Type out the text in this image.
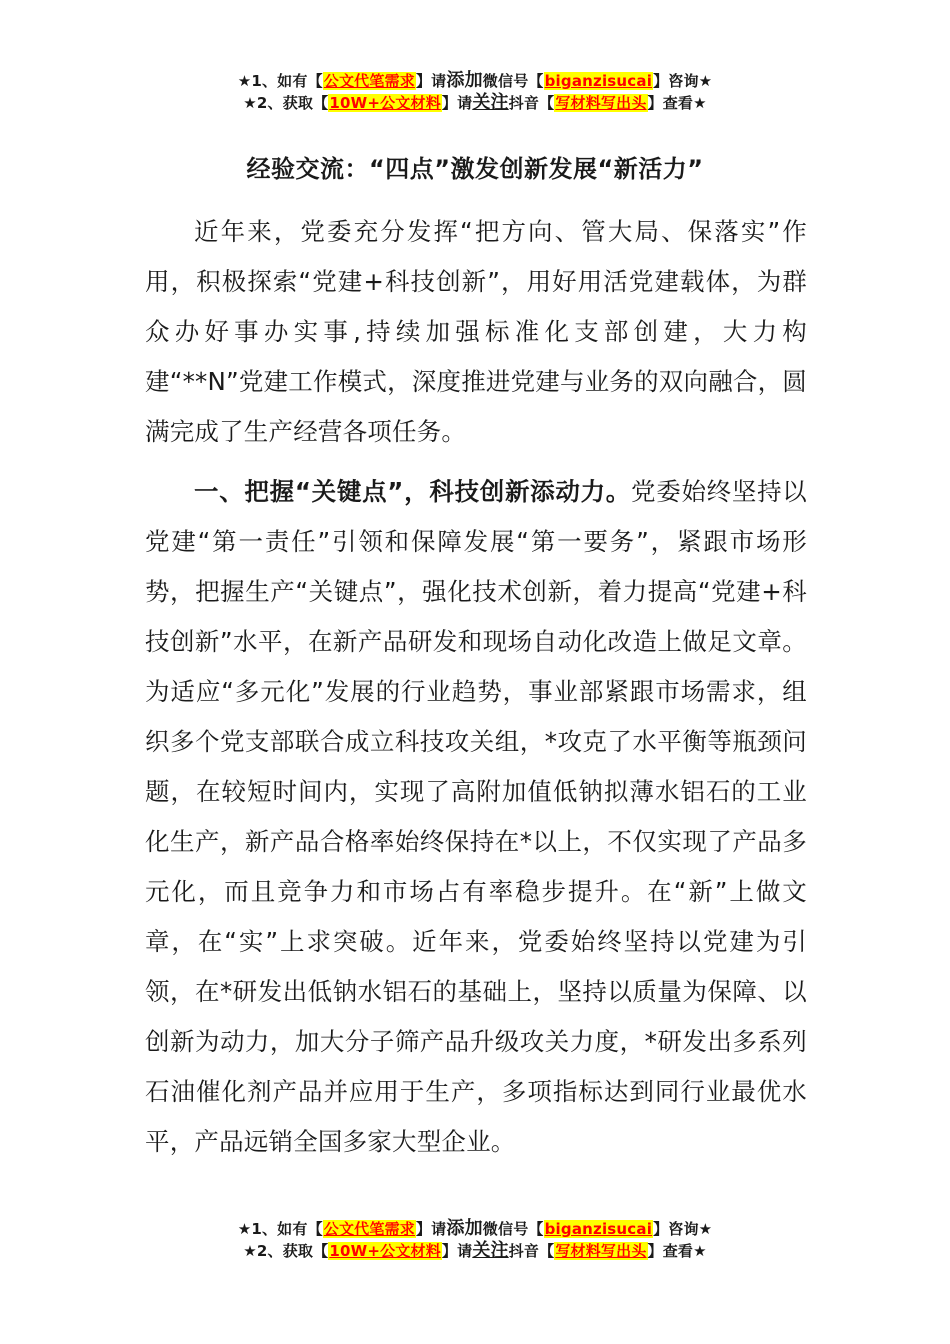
★1、如有【公文代笔需求】请添加微信号【biganzisucai】咨询★
★2、获取【10W+公文材料】请关注抖音【写材料写出头】查看★
经验交流：“四点”激发创新发展“新活力”

近年来，党委充分发挥“把方向、管大局、保落实”作用，积极探索“党建+科技创新”，用好用活党建载体，为群众办好事办实事,持续加强标准化支部创建，大力构建“**N”党建工作模式，深度推进党建与业务的双向融合，圆满完成了生产经营各项任务。

一、把握“关键点”，科技创新添动力。党委始终坚持以党建“第一责任”引领和保障发展“第一要务”，紧跟市场形势，把握生产“关键点”，强化技术创新，着力提高“党建+科技创新”水平，在新产品研发和现场自动化改造上做足文章。为适应“多元化”发展的行业趋势，事业部紧跟市场需求，组织多个党支部联合成立科技攻关组，*攻克了水平衡等瓶颈问题，在较短时间内，实现了高附加值低钠拟薄水铝石的工业化生产，新产品合格率始终保持在*以上，不仅实现了产品多元化，而且竞争力和市场占有率稳步提升。在“新”上做文章，在“实”上求突破。近年来，党委始终坚持以党建为引领，在*研发出低钠水铝石的基础上，坚持以质量为保障、以创新为动力，加大分子筛产品升级攻关力度，*研发出多系列石油催化剂产品并应用于生产，多项指标达到同行业最优水平，产品远销全国多家大型企业。

★1、如有【公文代笔需求】请添加微信号【biganzisucai】咨询★
★2、获取【10W+公文材料】请关注抖音【写材料写出头】查看★
